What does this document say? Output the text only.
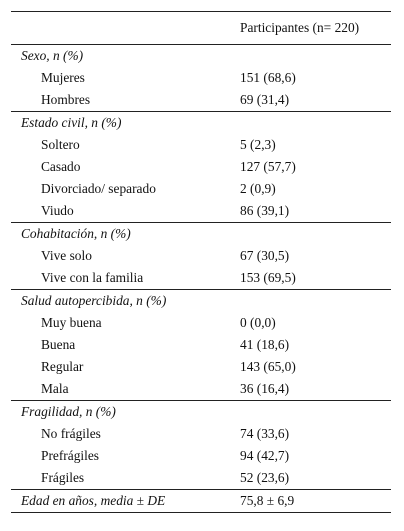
	Participantes (n= 220)
Sexo, n (%)	
Mujeres	151 (68,6)
Hombres	69 (31,4)
Estado civil, n (%)	
Soltero	5 (2,3)
Casado	127 (57,7)
Divorciado/ separado	2 (0,9)
Viudo	86 (39,1)
Cohabitación, n (%)	
Vive solo	67 (30,5)
Vive con la familia	153 (69,5)
Salud autopercibida, n (%)	
Muy buena	0 (0,0)
Buena	41 (18,6)
Regular	143 (65,0)
Mala	36 (16,4)
Fragilidad, n (%)	
No frágiles	74 (33,6)
Prefrágiles	94 (42,7)
Frágiles	52 (23,6)
Edad en años, media ± DE	75,8 ± 6,9
